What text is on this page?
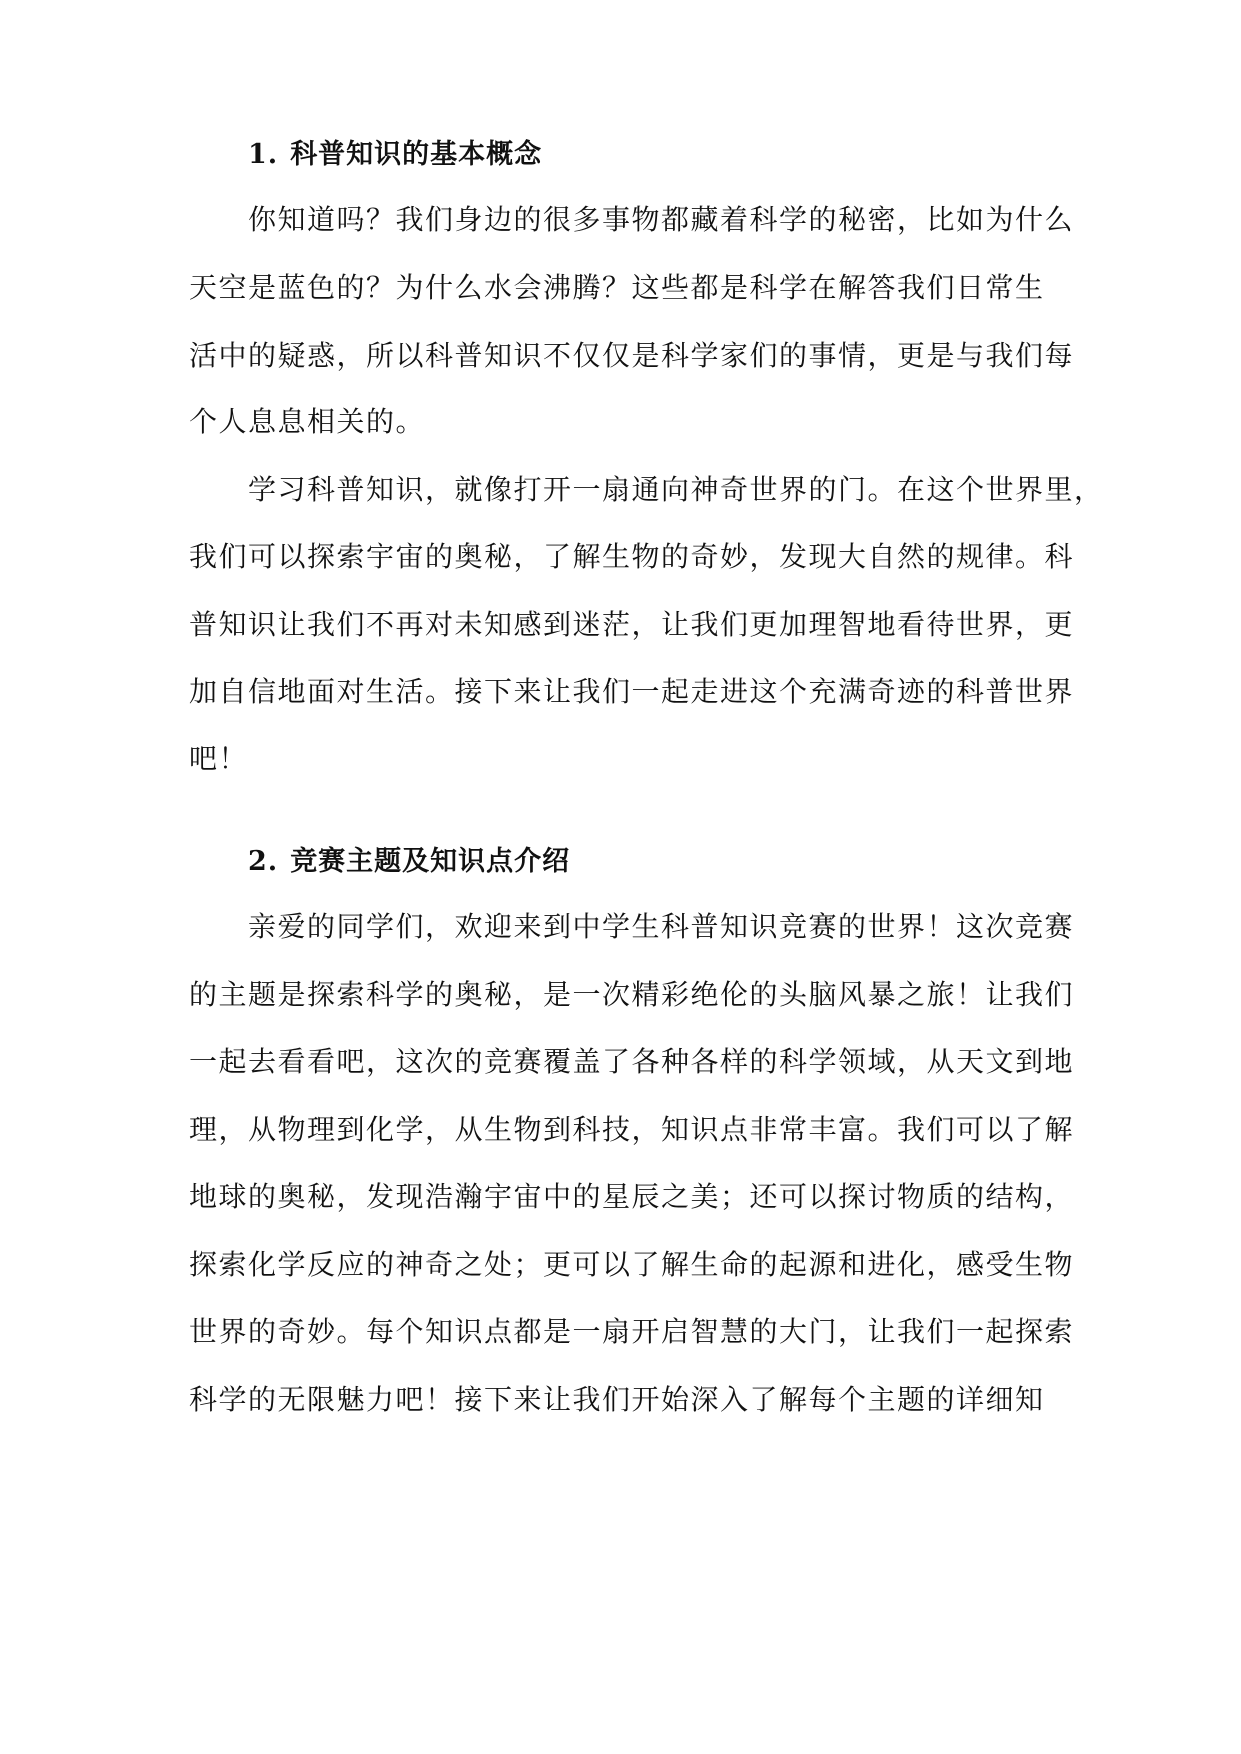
1. 科普知识的基本概念
你知道吗？我们身边的很多事物都藏着科学的秘密，比如为什么
天空是蓝色的？为什么水会沸腾？这些都是科学在解答我们日常生
活中的疑惑，所以科普知识不仅仅是科学家们的事情，更是与我们每
个人息息相关的。
学习科普知识，就像打开一扇通向神奇世界的门。在这个世界里，
我们可以探索宇宙的奥秘，了解生物的奇妙，发现大自然的规律。科
普知识让我们不再对未知感到迷茫，让我们更加理智地看待世界，更
加自信地面对生活。接下来让我们一起走进这个充满奇迹的科普世界
吧！
2. 竞赛主题及知识点介绍
亲爱的同学们，欢迎来到中学生科普知识竞赛的世界！这次竞赛
的主题是探索科学的奥秘，是一次精彩绝伦的头脑风暴之旅！让我们
一起去看看吧，这次的竞赛覆盖了各种各样的科学领域，从天文到地
理，从物理到化学，从生物到科技，知识点非常丰富。我们可以了解
地球的奥秘，发现浩瀚宇宙中的星辰之美；还可以探讨物质的结构，
探索化学反应的神奇之处；更可以了解生命的起源和进化，感受生物
世界的奇妙。每个知识点都是一扇开启智慧的大门，让我们一起探索
科学的无限魅力吧！接下来让我们开始深入了解每个主题的详细知
